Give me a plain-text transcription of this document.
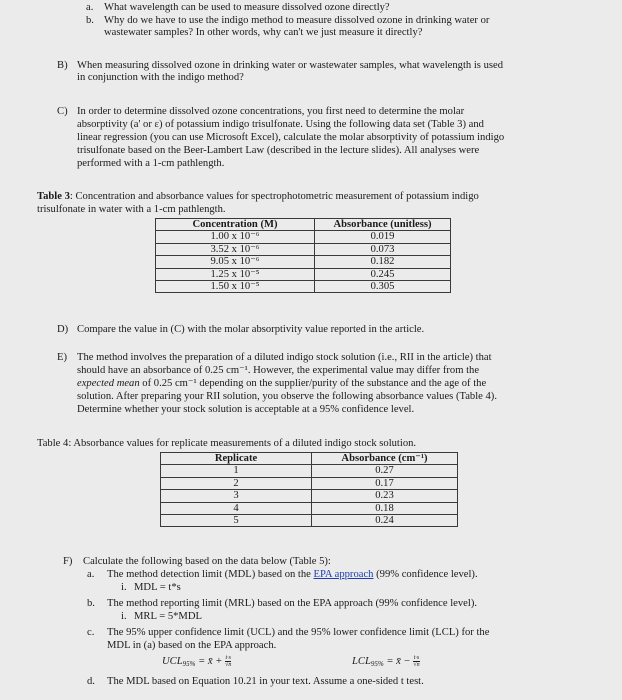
a. What wavelength can be used to measure dissolved ozone directly?
b. Why do we have to use the indigo method to measure dissolved ozone in drinking water or
wastewater samples? In other words, why can't we just measure it directly?
B) When measuring dissolved ozone in drinking water or wastewater samples, what wavelength is used
in conjunction with the indigo method?
C) In order to determine dissolved ozone concentrations, you first need to determine the molar
absorptivity (a' or ε) of potassium indigo trisulfonate. Using the following data set (Table 3) and
linear regression (you can use Microsoft Excel), calculate the molar absorptivity of potassium indigo
trisulfonate based on the Beer-Lambert Law (described in the lecture slides). All analyses were
performed with a 1-cm pathlength.
Table 3: Concentration and absorbance values for spectrophotometric measurement of potassium indigo
trisulfonate in water with a 1-cm pathlength.
Concentration (M)	Absorbance (unitless)
1.00 x 10⁻⁶	0.019
3.52 x 10⁻⁶	0.073
9.05 x 10⁻⁶	0.182
1.25 x 10⁻⁵	0.245
1.50 x 10⁻⁵	0.305
D) Compare the value in (C) with the molar absorptivity value reported in the article.
E) The method involves the preparation of a diluted indigo stock solution (i.e., RII in the article) that
should have an absorbance of 0.25 cm⁻¹. However, the experimental value may differ from the
expected mean of 0.25 cm⁻¹ depending on the supplier/purity of the substance and the age of the
solution. After preparing your RII solution, you observe the following absorbance values (Table 4).
Determine whether your stock solution is acceptable at a 95% confidence level.
Table 4: Absorbance values for replicate measurements of a diluted indigo stock solution.
Replicate	Absorbance (cm⁻¹)
1	0.27
2	0.17
3	0.23
4	0.18
5	0.24
F) Calculate the following based on the data below (Table 5):
a. The method detection limit (MDL) based on the EPA approach (99% confidence level).
i. MDL = t*s
b. The method reporting limit (MRL) based on the EPA approach (99% confidence level).
i. MRL = 5*MDL
c. The 95% upper confidence limit (UCL) and the 95% lower confidence limit (LCL) for the
MDL in (a) based on the EPA approach.
$UCL_{95\%}$ = x̄ + $\frac{t\cdot s}{√n}$	$LCL_{95\%}$ = x̄ − $\frac{t\cdot s}{√n}$
d. The MDL based on Equation 10.21 in your text. Assume a one-sided t test.
